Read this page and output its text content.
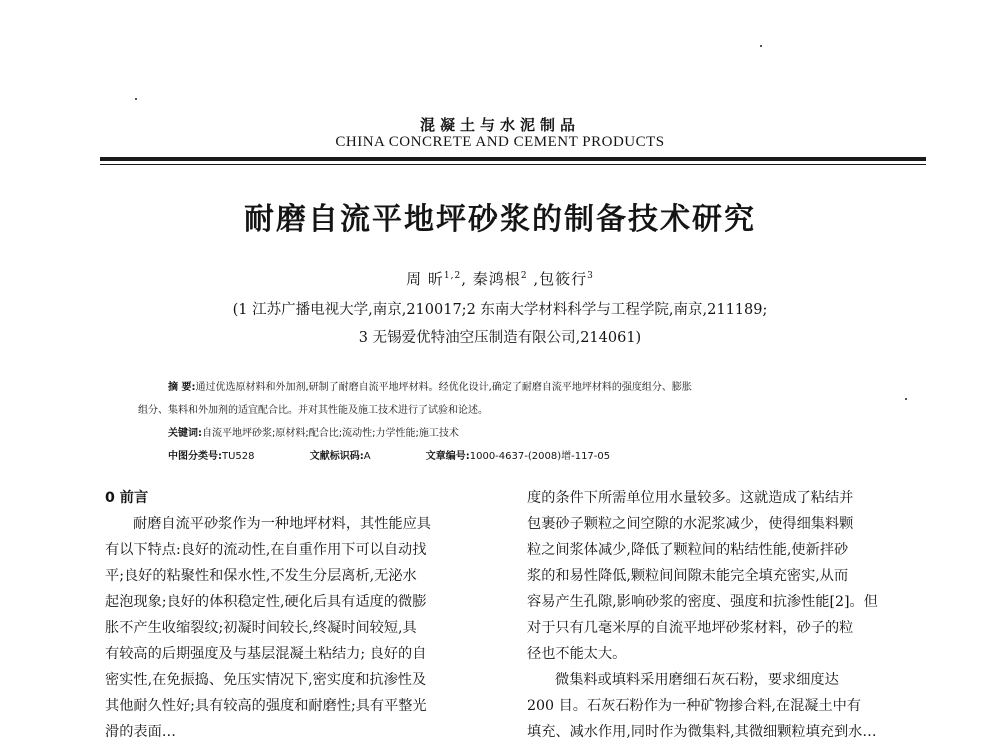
混凝土与水泥制品
CHINA CONCRETE AND CEMENT PRODUCTS
耐磨自流平地坪砂浆的制备技术研究
周 昕$^{1,2}$, 秦鸿根$^2$ ,包筱行$^3$
(1 江苏广播电视大学,南京,210017;2 东南大学材料科学与工程学院,南京,211189;
3 无锡爱优特油空压制造有限公司,214061)
摘 要:通过优选原材料和外加剂,研制了耐磨自流平地坪材料。经优化设计,确定了耐磨自流平地坪材料的强度组分、膨胀
组分、集料和外加剂的适宜配合比。并对其性能及施工技术进行了试验和论述。
关键词:自流平地坪砂浆;原材料;配合比;流动性;力学性能;施工技术
中图分类号:TU528	文献标识码:A	文章编号:1000-4637-(2008)增-117-05

0 前言

耐磨自流平砂浆作为一种地坪材料，其性能应具

有以下特点:良好的流动性,在自重作用下可以自动找

平;良好的粘聚性和保水性,不发生分层离析,无泌水

起泡现象;良好的体积稳定性,硬化后具有适度的微膨

胀不产生收缩裂纹;初凝时间较长,终凝时间较短,具

有较高的后期强度及与基层混凝土粘结力; 良好的自

密实性,在免振捣、免压实情况下,密实度和抗渗性及

其他耐久性好;具有较高的强度和耐磨性;具有平整光

滑的表面…

度的条件下所需单位用水量较多。这就造成了粘结并

包裹砂子颗粒之间空隙的水泥浆减少，使得细集料颗

粒之间浆体减少,降低了颗粒间的粘结性能,使新拌砂

浆的和易性降低,颗粒间间隙未能完全填充密实,从而

容易产生孔隙,影响砂浆的密度、强度和抗渗性能[2]。但

对于只有几毫米厚的自流平地坪砂浆材料，砂子的粒

径也不能太大。

微集料或填料采用磨细石灰石粉，要求细度达

200 目。石灰石粉作为一种矿物掺合料,在混凝土中有

填充、减水作用,同时作为微集料,其微细颗粒填充到水…
